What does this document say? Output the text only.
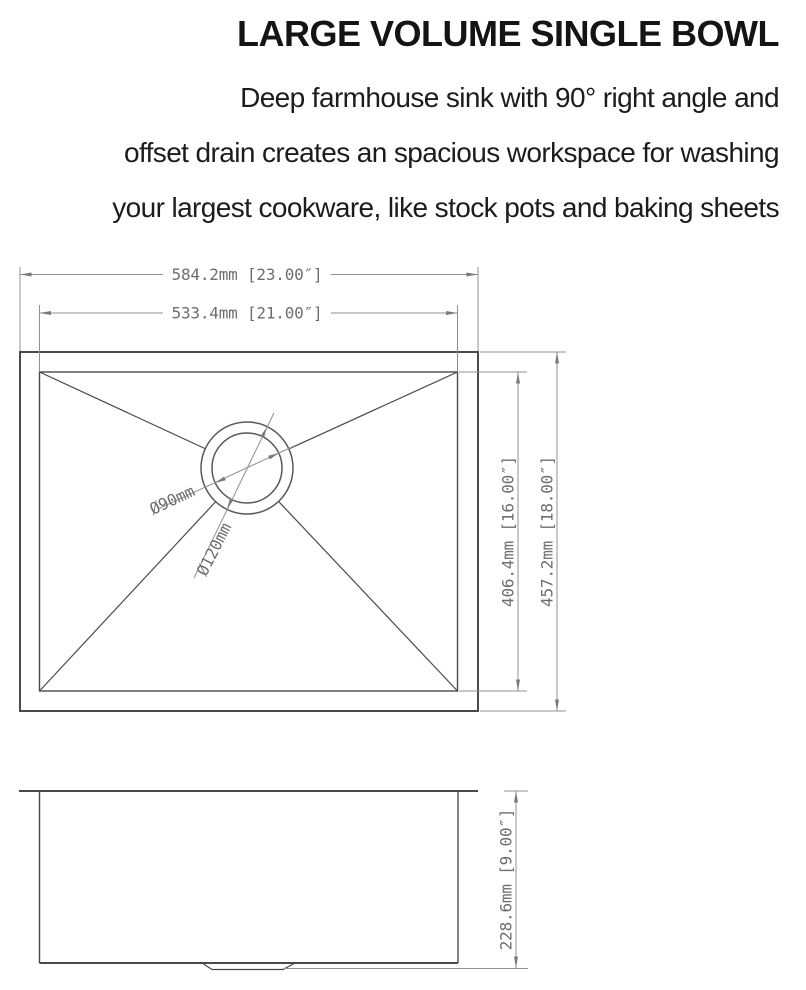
LARGE VOLUME SINGLE BOWL
Deep farmhouse sink with 90° right angle and
offset drain creates an spacious workspace for washing
your largest cookware, like stock pots and baking sheets
Ø90mm
Ø120mm
584.2mm [23.00″]
533.4mm [21.00″]
406.4mm [16.00″] 457.2mm [18.00″]
228.6mm [9.00″]
